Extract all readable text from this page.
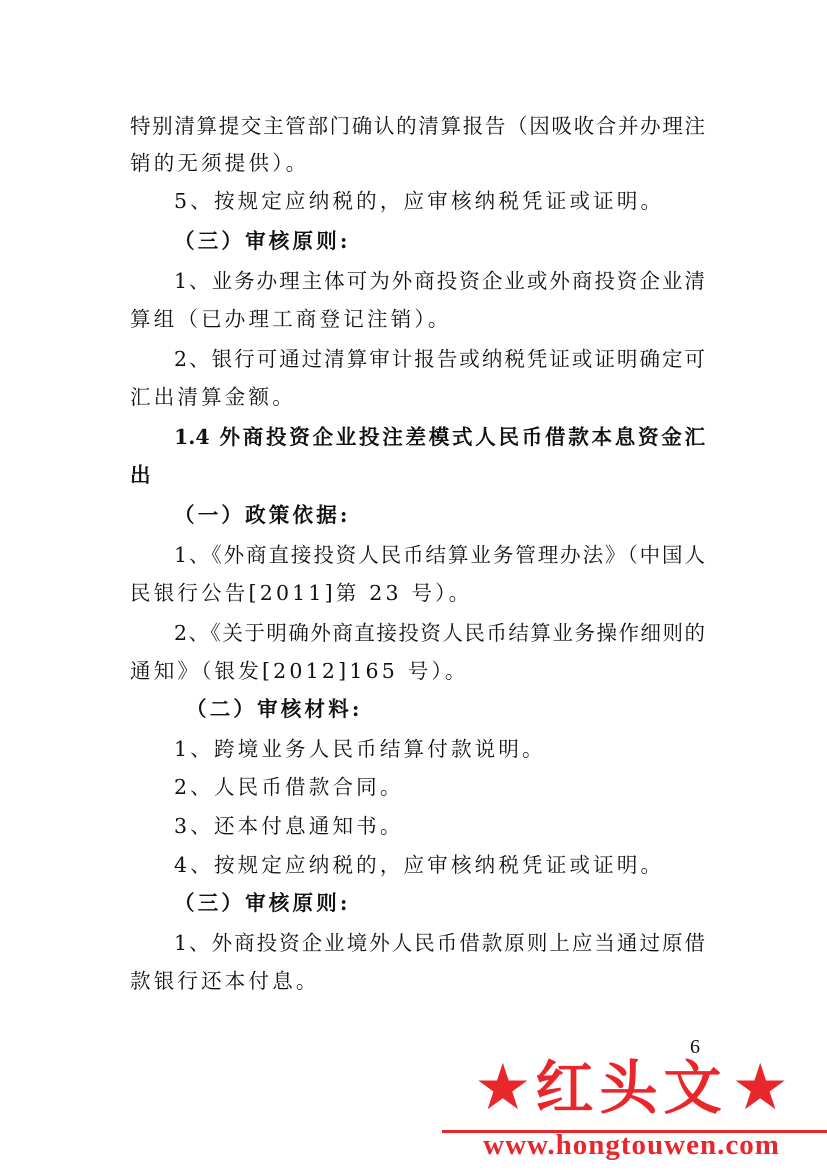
特别清算提交主管部门确认的清算报告（因吸收合并办理注
销的无须提供）。
5、按规定应纳税的，应审核纳税凭证或证明。
（三）审核原则:
1、业务办理主体可为外商投资企业或外商投资企业清
算组（已办理工商登记注销）。
2、银行可通过清算审计报告或纳税凭证或证明确定可
汇出清算金额。
1.4 外商投资企业投注差模式人民币借款本息资金汇
出
（一）政策依据:
1、《外商直接投资人民币结算业务管理办法》（中国人
民银行公告[2011]第 23 号）。
2、《关于明确外商直接投资人民币结算业务操作细则的
通知》（银发[2012]165 号）。
（二）审核材料:
1、跨境业务人民币结算付款说明。
2、人民币借款合同。
3、还本付息通知书。
4、按规定应纳税的，应审核纳税凭证或证明。
（三）审核原则:
1、外商投资企业境外人民币借款原则上应当通过原借
款银行还本付息。
6
★ 红头文 ★
www.hongtouwen.com
